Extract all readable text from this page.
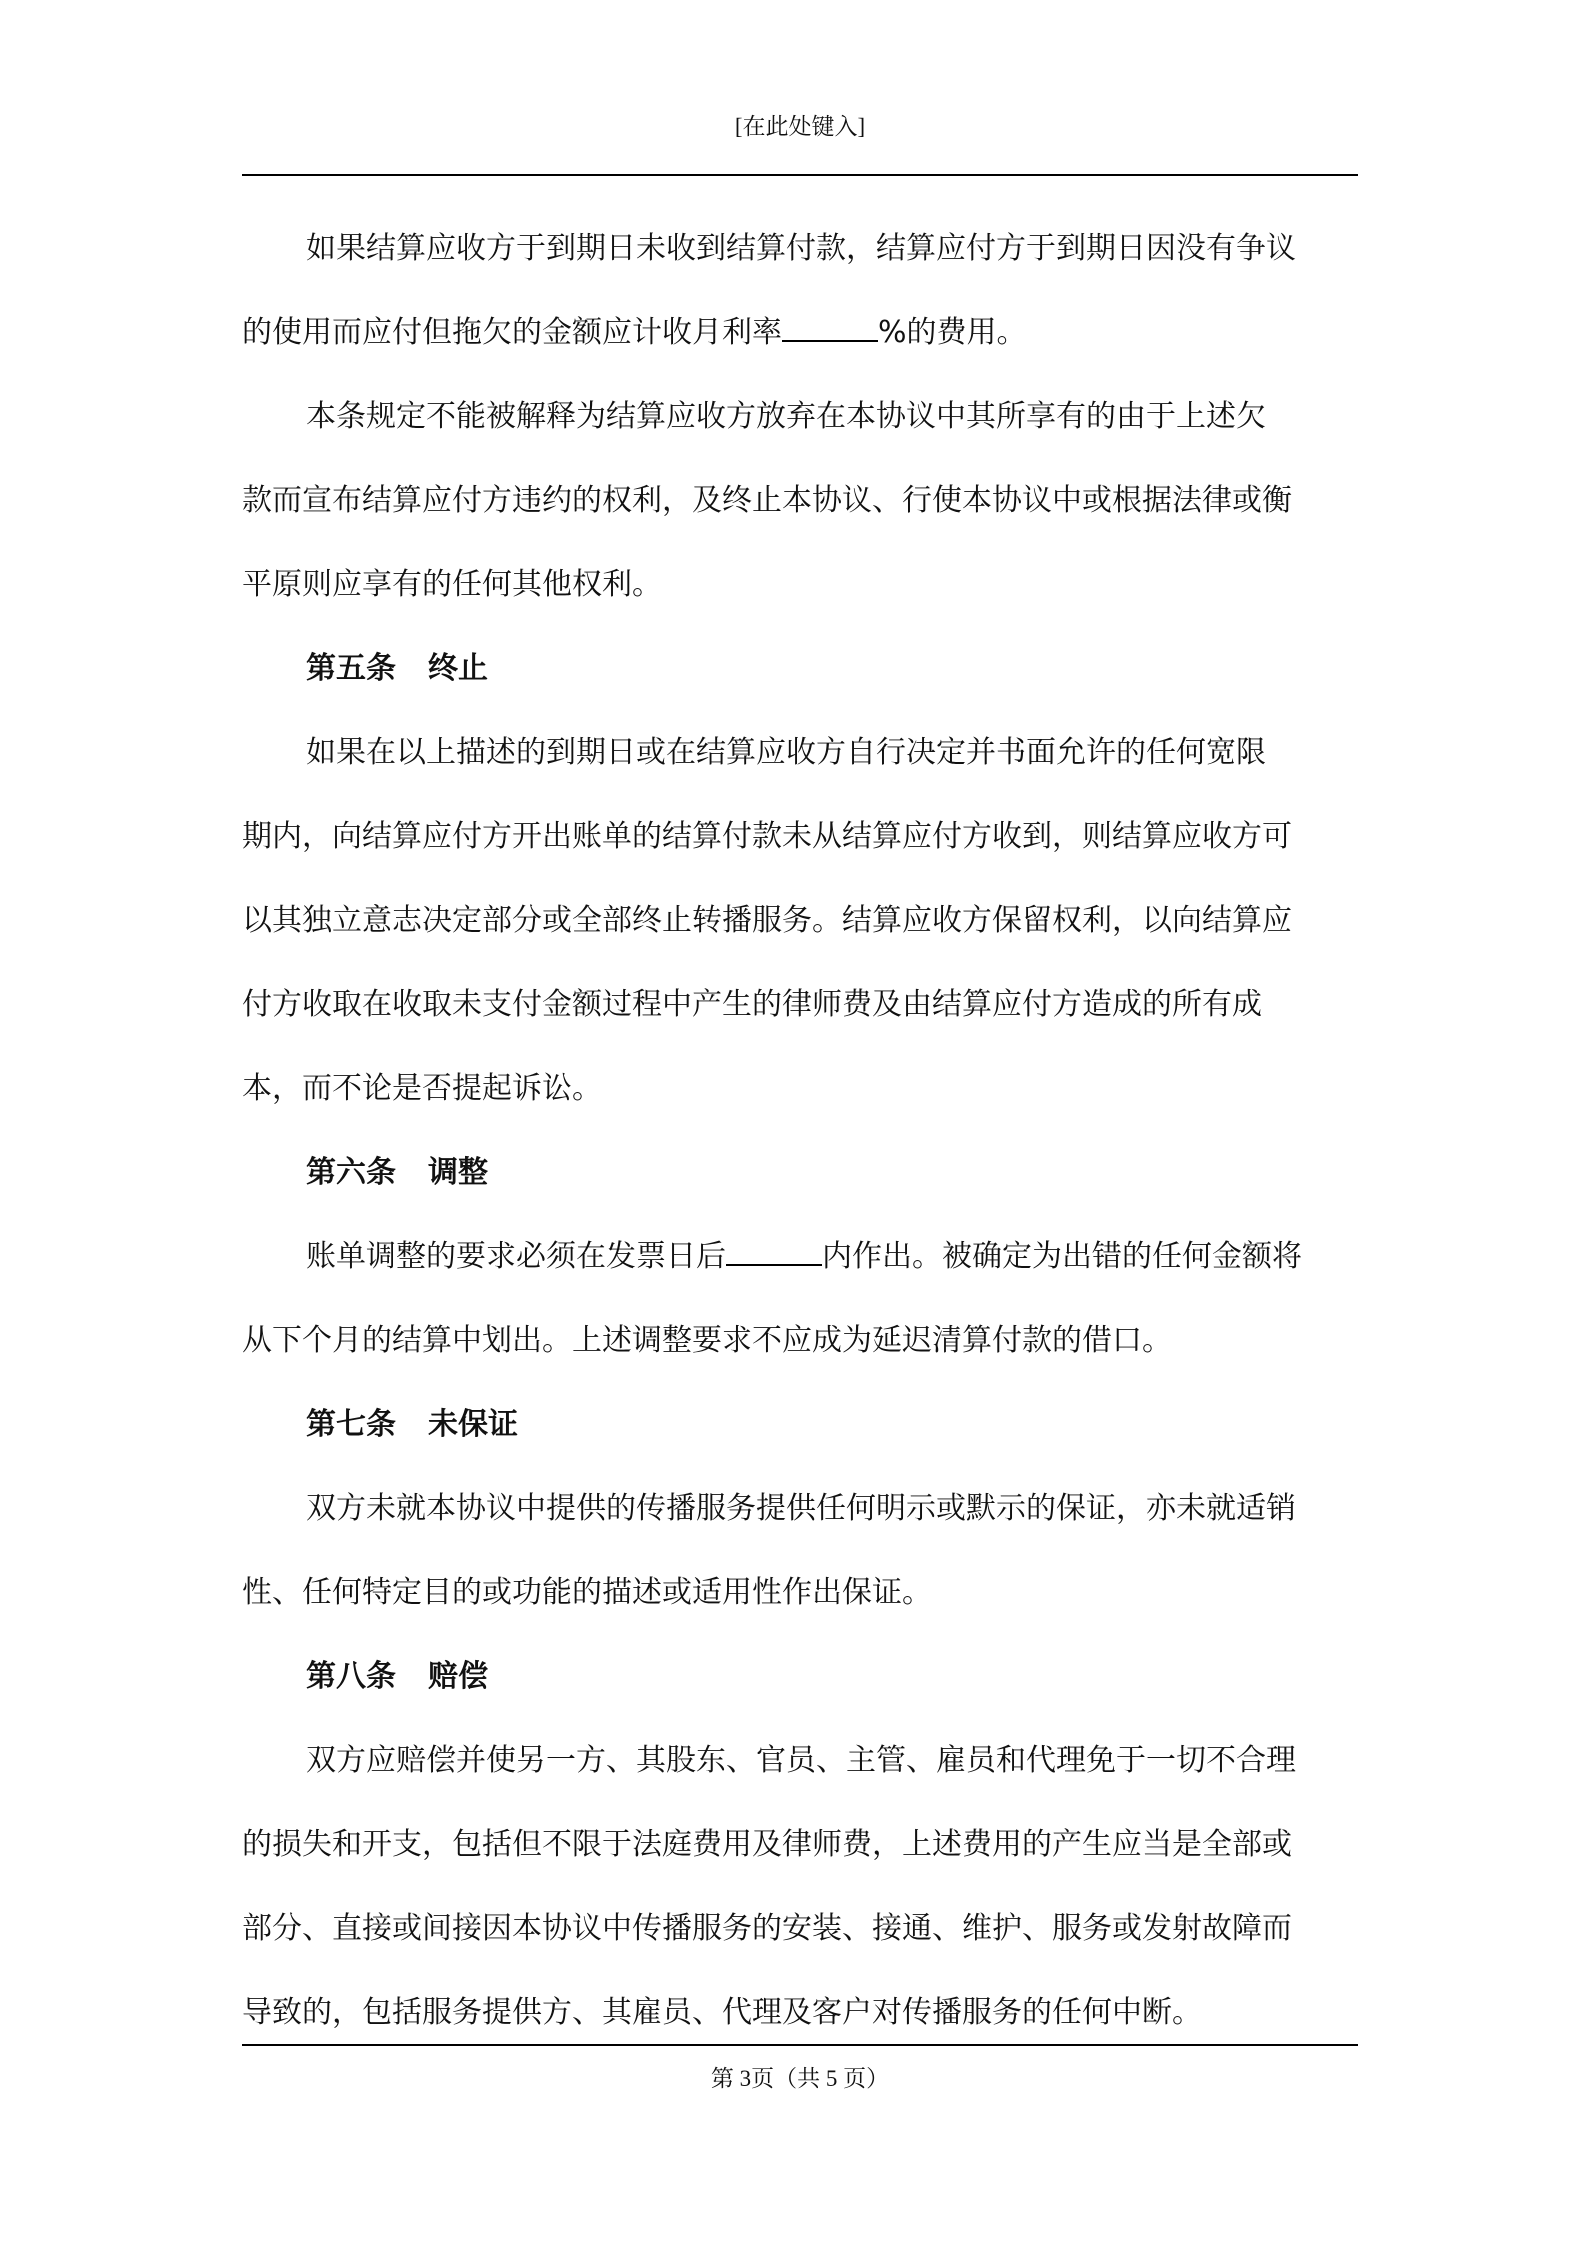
[在此处键入]
如果结算应收方于到期日未收到结算付款，结算应付方于到期日因没有争议
的使用而应付但拖欠的金额应计收月利率	%的费用。
本条规定不能被解释为结算应收方放弃在本协议中其所享有的由于上述欠
款而宣布结算应付方违约的权利，及终止本协议、行使本协议中或根据法律或衡
平原则应享有的任何其他权利。
第五条 终止
如果在以上描述的到期日或在结算应收方自行决定并书面允许的任何宽限
期内，向结算应付方开出账单的结算付款未从结算应付方收到，则结算应收方可
以其独立意志决定部分或全部终止转播服务。结算应收方保留权利，以向结算应
付方收取在收取未支付金额过程中产生的律师费及由结算应付方造成的所有成
本，而不论是否提起诉讼。
第六条 调整
账单调整的要求必须在发票日后	内作出。被确定为出错的任何金额将
从下个月的结算中划出。上述调整要求不应成为延迟清算付款的借口。
第七条 未保证
双方未就本协议中提供的传播服务提供任何明示或默示的保证，亦未就适销
性、任何特定目的或功能的描述或适用性作出保证。
第八条 赔偿
双方应赔偿并使另一方、其股东、官员、主管、雇员和代理免于一切不合理
的损失和开支，包括但不限于法庭费用及律师费，上述费用的产生应当是全部或
部分、直接或间接因本协议中传播服务的安装、接通、维护、服务或发射故障而
导致的，包括服务提供方、其雇员、代理及客户对传播服务的任何中断。
第 3页（共 5 页）
